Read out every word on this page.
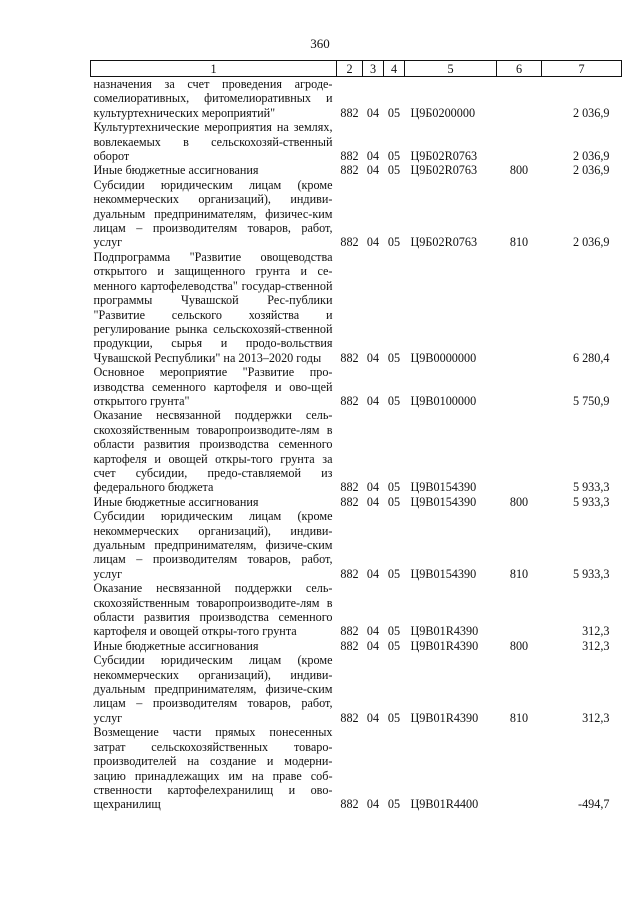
360
1	2	3	4	5	6	7
назначения за счет проведения агроде-сомелиоративных, фитомелиоративных и культуртехнических мероприятий"	882	04	05	Ц9Б0200000		2 036,9
Культуртехнические мероприятия на землях, вовлекаемых в сельскохозяй-ственный оборот	882	04	05	Ц9Б02R0763		2 036,9
Иные бюджетные ассигнования	882	04	05	Ц9Б02R0763	800	2 036,9
Субсидии юридическим лицам (кроме некоммерческих организаций), индиви-дуальным предпринимателям, физичес-ким лицам – производителям товаров, работ, услуг	882	04	05	Ц9Б02R0763	810	2 036,9
Подпрограмма "Развитие овощеводства открытого и защищенного грунта и се-менного картофелеводства" государ-ственной программы Чувашской Рес-публики "Развитие сельского хозяйства и регулирование рынка сельскохозяй-ственной продукции, сырья и продо-вольствия Чувашской Республики" на 2013–2020 годы	882	04	05	Ц9В0000000		6 280,4
Основное мероприятие "Развитие про-изводства семенного картофеля и ово-щей открытого грунта"	882	04	05	Ц9В0100000		5 750,9
Оказание несвязанной поддержки сель-скохозяйственным товаропроизводите-лям в области развития производства семенного картофеля и овощей откры-того грунта за счет субсидии, предо-ставляемой из федерального бюджета	882	04	05	Ц9В0154390		5 933,3
Иные бюджетные ассигнования	882	04	05	Ц9В0154390	800	5 933,3
Субсидии юридическим лицам (кроме некоммерческих организаций), индиви-дуальным предпринимателям, физиче-ским лицам – производителям товаров, работ, услуг	882	04	05	Ц9В0154390	810	5 933,3
Оказание несвязанной поддержки сель-скохозяйственным товаропроизводите-лям в области развития производства семенного картофеля и овощей откры-того грунта	882	04	05	Ц9В01R4390		312,3
Иные бюджетные ассигнования	882	04	05	Ц9В01R4390	800	312,3
Субсидии юридическим лицам (кроме некоммерческих организаций), индиви-дуальным предпринимателям, физиче-ским лицам – производителям товаров, работ, услуг	882	04	05	Ц9В01R4390	810	312,3
Возмещение части прямых понесенных затрат сельскохозяйственных товаро-производителей на создание и модерни-зацию принадлежащих им на праве соб-ственности картофелехранилищ и ово-щехранилищ	882	04	05	Ц9В01R4400		-494,7
